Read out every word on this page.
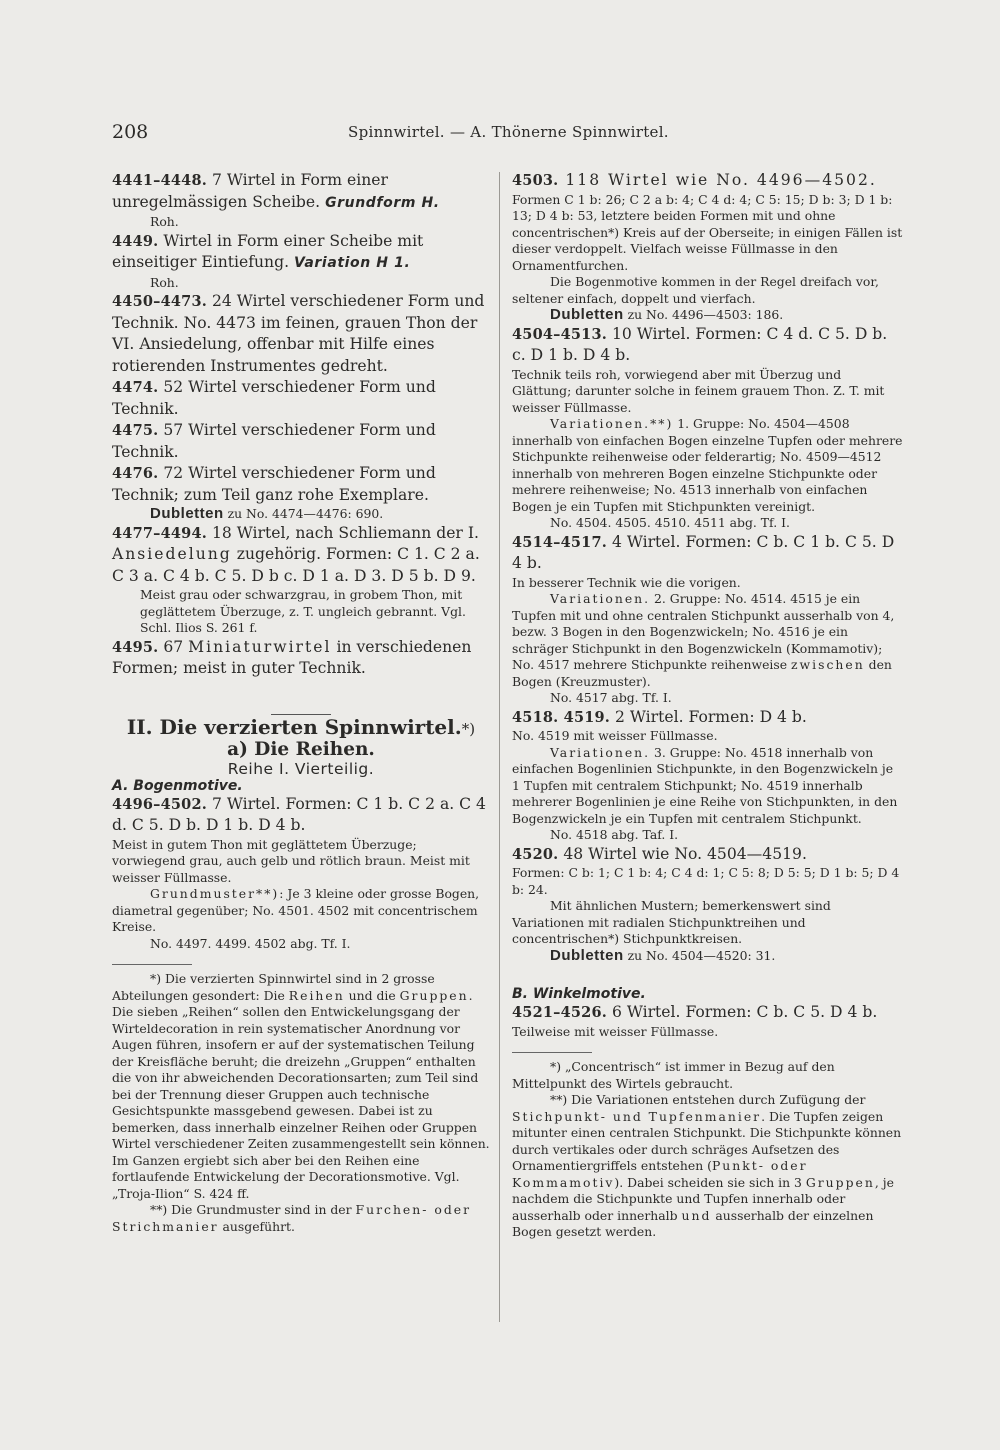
208	Spinnwirtel. — A. Thönerne Spinnwirtel.

4441–4448. 7 Wirtel in Form einer unregelmässigen Scheibe. Grundform H.

Roh.

4449. Wirtel in Form einer Scheibe mit einseitiger Eintiefung. Variation H 1.

Roh.

4450–4473. 24 Wirtel verschiedener Form und Technik. No. 4473 im feinen, grauen Thon der VI. Ansiedelung, offenbar mit Hilfe eines rotierenden Instrumentes gedreht.

4474. 52 Wirtel verschiedener Form und Technik.

4475. 57 Wirtel verschiedener Form und Technik.

4476. 72 Wirtel verschiedener Form und Technik; zum Teil ganz rohe Exemplare.

Dubletten zu No. 4474—4476: 690.

4477–4494. 18 Wirtel, nach Schliemann der I. Ansiedelung zugehörig. Formen: C 1. C 2 a. C 3 a. C 4 b. C 5. D b c. D 1 a. D 3. D 5 b. D 9.

Meist grau oder schwarzgrau, in grobem Thon, mit geglättetem Überzuge, z. T. ungleich gebrannt. Vgl. Schl. Ilios S. 261 f.

4495. 67 Miniaturwirtel in verschiedenen Formen; meist in guter Technik.

II. Die verzierten Spinnwirtel.*)

a) Die Reihen.

Reihe I. Vierteilig.

A. Bogenmotive.

4496–4502. 7 Wirtel. Formen: C 1 b. C 2 a. C 4 d. C 5. D b. D 1 b. D 4 b.

Meist in gutem Thon mit geglättetem Überzuge; vorwiegend grau, auch gelb und rötlich braun. Meist mit weisser Füllmasse.

Grundmuster**): Je 3 kleine oder grosse Bogen, diametral gegenüber; No. 4501. 4502 mit concentrischem Kreise.

No. 4497. 4499. 4502 abg. Tf. I.

*) Die verzierten Spinnwirtel sind in 2 grosse Abteilungen gesondert: Die Reihen und die Gruppen. Die sieben „Reihen“ sollen den Entwickelungsgang der Wirteldecoration in rein systematischer Anordnung vor Augen führen, insofern er auf der systematischen Teilung der Kreisfläche beruht; die dreizehn „Gruppen“ enthalten die von ihr abweichenden Decorationsarten; zum Teil sind bei der Trennung dieser Gruppen auch technische Gesichtspunkte massgebend gewesen. Dabei ist zu bemerken, dass innerhalb einzelner Reihen oder Gruppen Wirtel verschiedener Zeiten zusammengestellt sein können. Im Ganzen ergiebt sich aber bei den Reihen eine fortlaufende Entwickelung der Decorationsmotive. Vgl. „Troja-Ilion“ S. 424 ff.

**) Die Grundmuster sind in der Furchen- oder Strichmanier ausgeführt.

4503. 118 Wirtel wie No. 4496—4502.

Formen C 1 b: 26; C 2 a b: 4; C 4 d: 4; C 5: 15; D b: 3; D 1 b: 13; D 4 b: 53, letztere beiden Formen mit und ohne concentrischen*) Kreis auf der Oberseite; in einigen Fällen ist dieser verdoppelt. Vielfach weisse Füllmasse in den Ornamentfurchen.

Die Bogenmotive kommen in der Regel dreifach vor, seltener einfach, doppelt und vierfach.

Dubletten zu No. 4496—4503: 186.

4504–4513. 10 Wirtel. Formen: C 4 d. C 5. D b. c. D 1 b. D 4 b.

Technik teils roh, vorwiegend aber mit Überzug und Glättung; darunter solche in feinem grauem Thon. Z. T. mit weisser Füllmasse.

Variationen.**) 1. Gruppe: No. 4504—4508 innerhalb von einfachen Bogen einzelne Tupfen oder mehrere Stichpunkte reihenweise oder felderartig; No. 4509—4512 innerhalb von mehreren Bogen einzelne Stichpunkte oder mehrere reihenweise; No. 4513 innerhalb von einfachen Bogen je ein Tupfen mit Stichpunkten vereinigt.

No. 4504. 4505. 4510. 4511 abg. Tf. I.

4514–4517. 4 Wirtel. Formen: C b. C 1 b. C 5. D 4 b.

In besserer Technik wie die vorigen.

Variationen. 2. Gruppe: No. 4514. 4515 je ein Tupfen mit und ohne centralen Stichpunkt ausserhalb von 4, bezw. 3 Bogen in den Bogenzwickeln; No. 4516 je ein schräger Stichpunkt in den Bogenzwickeln (Kommamotiv); No. 4517 mehrere Stichpunkte reihenweise zwischen den Bogen (Kreuzmuster).

No. 4517 abg. Tf. I.

4518. 4519. 2 Wirtel. Formen: D 4 b.

No. 4519 mit weisser Füllmasse.

Variationen. 3. Gruppe: No. 4518 innerhalb von einfachen Bogenlinien Stichpunkte, in den Bogenzwickeln je 1 Tupfen mit centralem Stichpunkt; No. 4519 innerhalb mehrerer Bogenlinien je eine Reihe von Stichpunkten, in den Bogenzwickeln je ein Tupfen mit centralem Stichpunkt.

No. 4518 abg. Taf. I.

4520. 48 Wirtel wie No. 4504—4519.

Formen: C b: 1; C 1 b: 4; C 4 d: 1; C 5: 8; D 5: 5; D 1 b: 5; D 4 b: 24.

Mit ähnlichen Mustern; bemerkenswert sind Variationen mit radialen Stichpunktreihen und concentrischen*) Stichpunktkreisen.

Dubletten zu No. 4504—4520: 31.

B. Winkelmotive.

4521–4526. 6 Wirtel. Formen: C b. C 5. D 4 b.

Teilweise mit weisser Füllmasse.

*) „Concentrisch“ ist immer in Bezug auf den Mittelpunkt des Wirtels gebraucht.

**) Die Variationen entstehen durch Zufügung der Stichpunkt- und Tupfenmanier. Die Tupfen zeigen mitunter einen centralen Stichpunkt. Die Stichpunkte können durch vertikales oder durch schräges Aufsetzen des Ornamentiergriffels entstehen (Punkt- oder Kommamotiv). Dabei scheiden sie sich in 3 Gruppen, je nachdem die Stichpunkte und Tupfen innerhalb oder ausserhalb oder innerhalb und ausserhalb der einzelnen Bogen gesetzt werden.
